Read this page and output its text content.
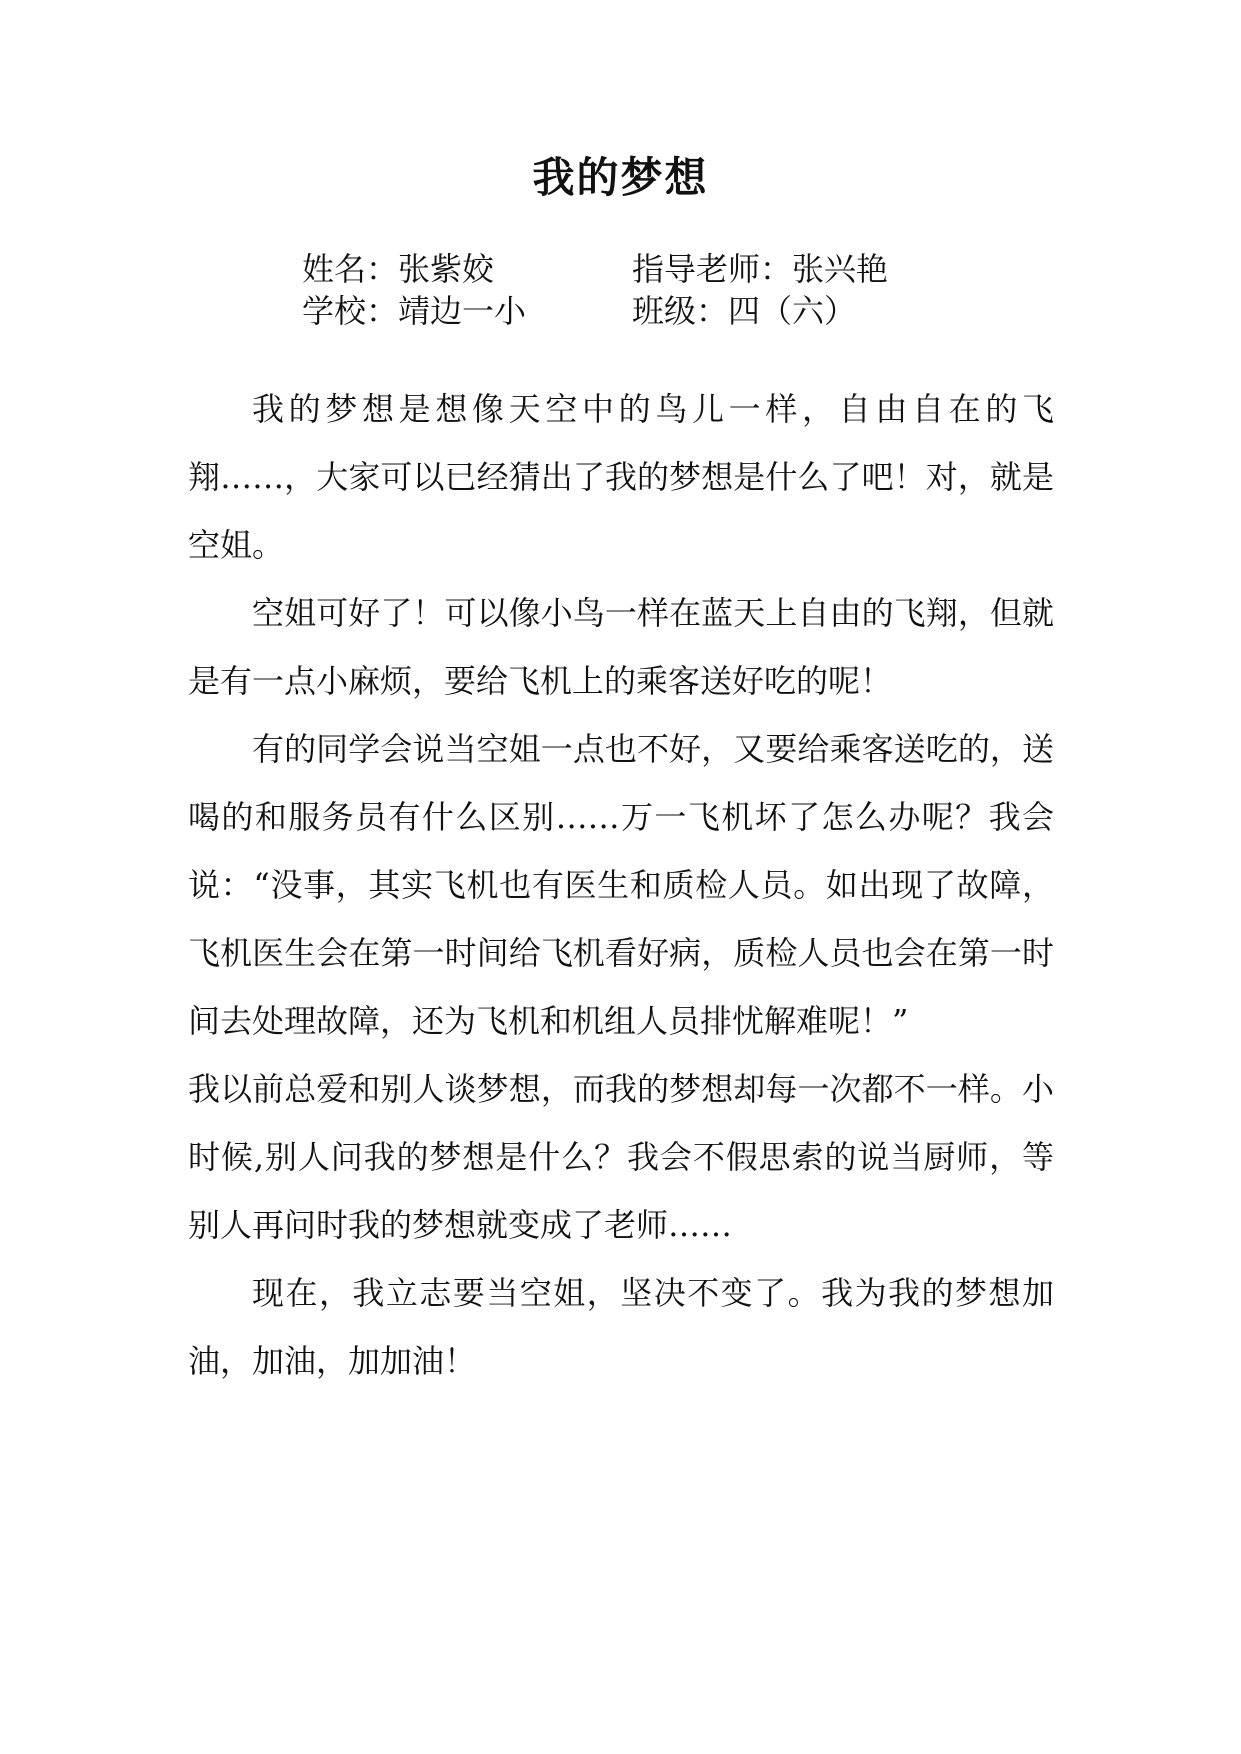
我的梦想
姓名：张紫姣	指导老师：张兴艳
学校：靖边一小	班级：四（六）

我的梦想是想像天空中的鸟儿一样，自由自在的飞翔……，大家可以已经猜出了我的梦想是什么了吧！对，就是空姐。

空姐可好了！可以像小鸟一样在蓝天上自由的飞翔，但就是有一点小麻烦，要给飞机上的乘客送好吃的呢！

有的同学会说当空姐一点也不好，又要给乘客送吃的，送喝的和服务员有什么区别……万一飞机坏了怎么办呢？我会说：“没事，其实飞机也有医生和质检人员。如出现了故障，飞机医生会在第一时间给飞机看好病，质检人员也会在第一时间去处理故障，还为飞机和机组人员排忧解难呢！”

我以前总爱和别人谈梦想，而我的梦想却每一次都不一样。小时候,别人问我的梦想是什么？我会不假思索的说当厨师，等别人再问时我的梦想就变成了老师……

现在，我立志要当空姐，坚决不变了。我为我的梦想加油，加油，加加油！
